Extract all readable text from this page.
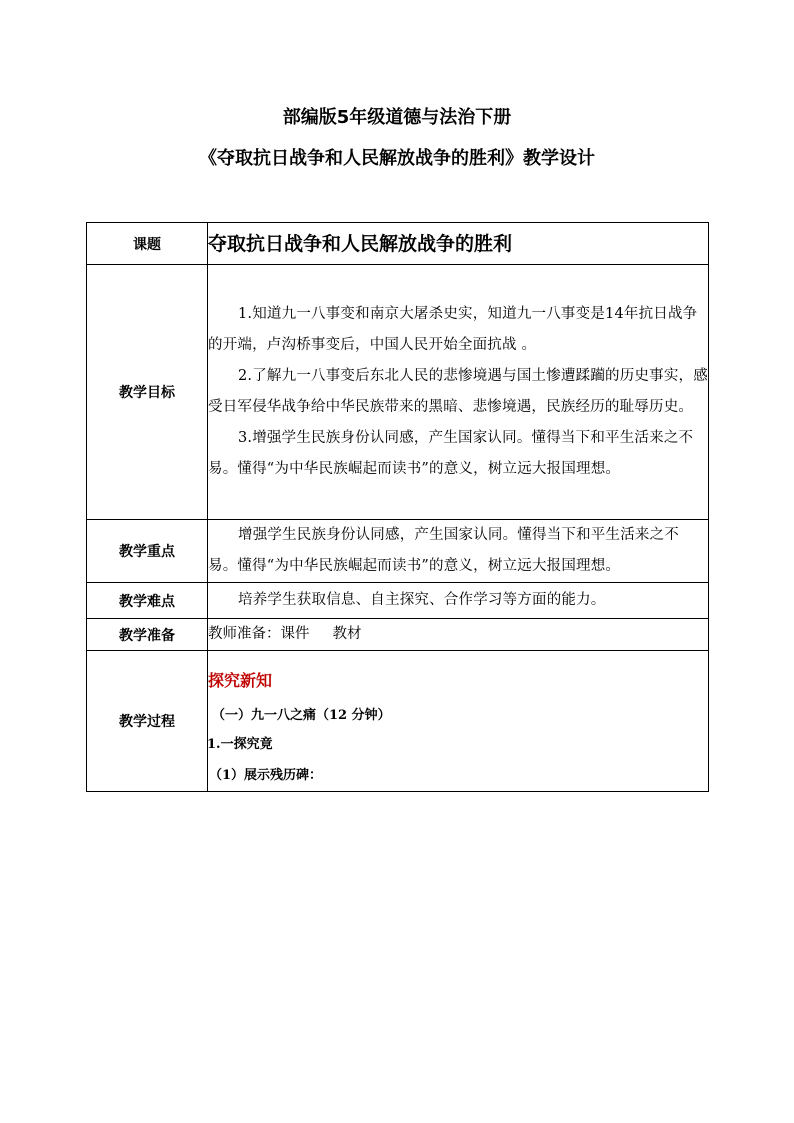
部编版5年级道德与法治下册
《夺取抗日战争和人民解放战争的胜利》教学设计
课题	夺取抗日战争和人民解放战争的胜利

教学目标	1.知道九一八事变和南京大屠杀史实，知道九一八事变是14年抗日战争的开端，卢沟桥事变后，中国人民开始全面抗战 。

2.了解九一八事变后东北人民的悲惨境遇与国土惨遭蹂躏的历史事实，感受日军侵华战争给中华民族带来的黑暗、悲惨境遇，民族经历的耻辱历史。

3.增强学生民族身份认同感，产生国家认同。懂得当下和平生活来之不易。懂得“为中华民族崛起而读书”的意义，树立远大报国理想。

教学重点	增强学生民族身份认同感，产生国家认同。懂得当下和平生活来之不易。懂得“为中华民族崛起而读书”的意义，树立远大报国理想。

教学难点	培养学生获取信息、自主探究、合作学习等方面的能力。

教学准备	教师准备：课件     教材
教学过程	探究新知
（一）九一八之痛（12 分钟）
1.一探究竟
（1）展示残历碑：
